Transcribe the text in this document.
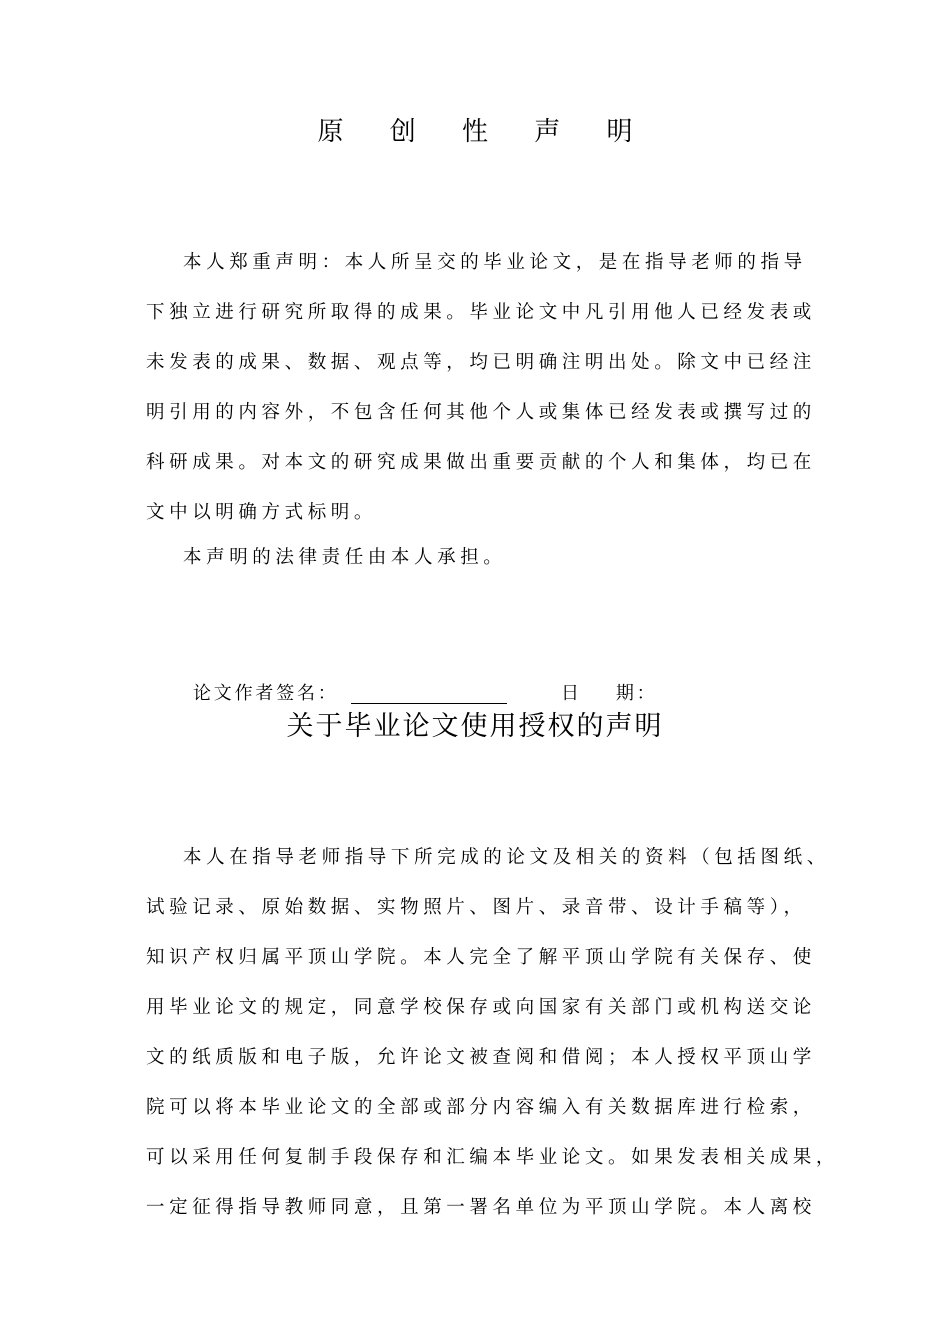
原 创 性 声 明
本人郑重声明：本人所呈交的毕业论文，是在指导老师的指导
下独立进行研究所取得的成果。毕业论文中凡引用他人已经发表或
未发表的成果、数据、观点等，均已明确注明出处。除文中已经注
明引用的内容外，不包含任何其他个人或集体已经发表或撰写过的
科研成果。对本文的研究成果做出重要贡献的个人和集体，均已在
文中以明确方式标明。
本声明的法律责任由本人承担。
论文作者签名：	日    期：
关于毕业论文使用授权的声明
本人在指导老师指导下所完成的论文及相关的资料（包括图纸、
试验记录、原始数据、实物照片、图片、录音带、设计手稿等），
知识产权归属平顶山学院。本人完全了解平顶山学院有关保存、使
用毕业论文的规定，同意学校保存或向国家有关部门或机构送交论
文的纸质版和电子版，允许论文被查阅和借阅；本人授权平顶山学
院可以将本毕业论文的全部或部分内容编入有关数据库进行检索，
可以采用任何复制手段保存和汇编本毕业论文。如果发表相关成果，
一定征得指导教师同意，且第一署名单位为平顶山学院。本人离校
